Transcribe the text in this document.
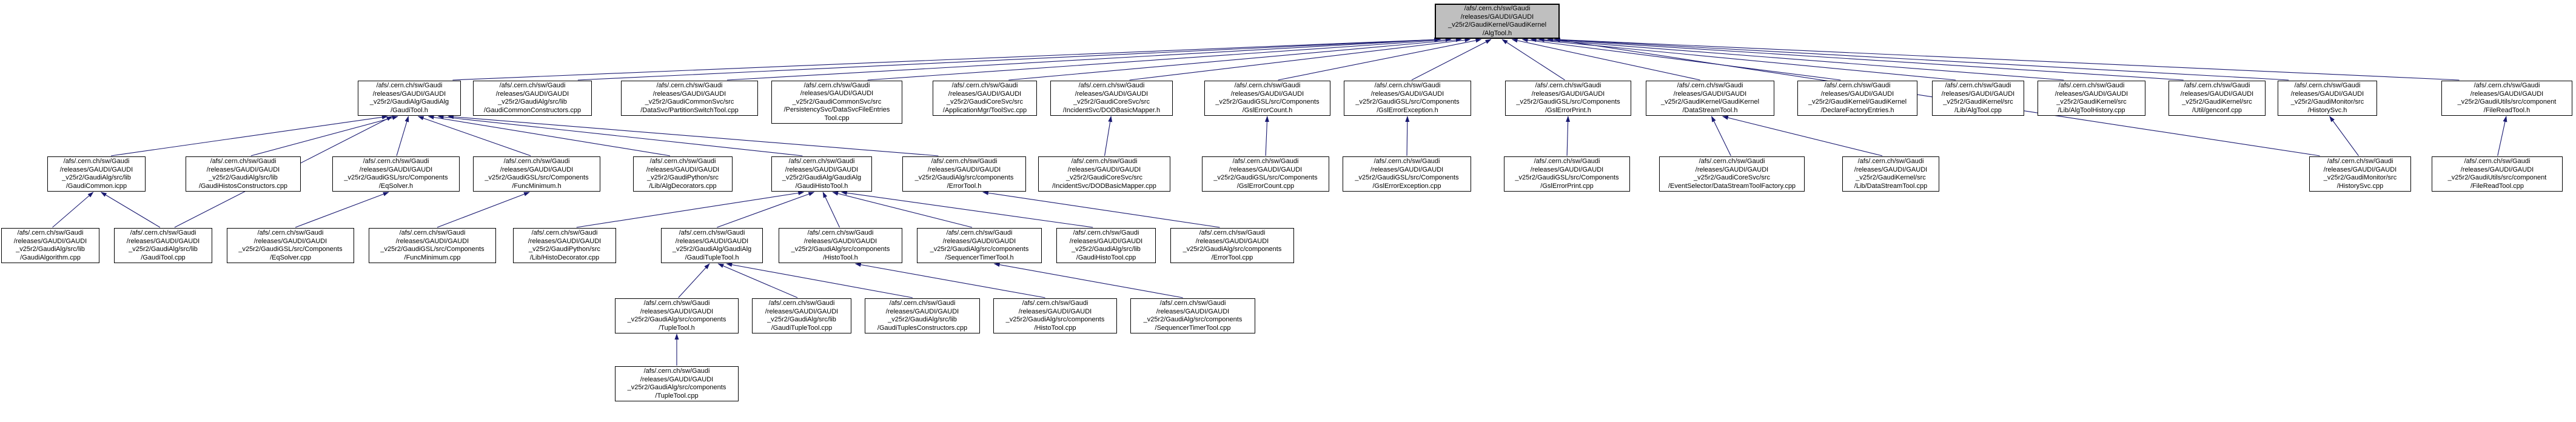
/afs/.cern.ch/sw/Gaudi
/releases/GAUDI/GAUDI
_v25r2/GaudiKernel/GaudiKernel
/AlgTool.h
/afs/.cern.ch/sw/Gaudi
/releases/GAUDI/GAUDI
_v25r2/GaudiAlg/GaudiAlg
/GaudiTool.h
/afs/.cern.ch/sw/Gaudi
/releases/GAUDI/GAUDI
_v25r2/GaudiAlg/src/lib
/GaudiCommonConstructors.cpp
/afs/.cern.ch/sw/Gaudi
/releases/GAUDI/GAUDI
_v25r2/GaudiCommonSvc/src
/DataSvc/PartitionSwitchTool.cpp
/afs/.cern.ch/sw/Gaudi
/releases/GAUDI/GAUDI
_v25r2/GaudiCommonSvc/src
/PersistencySvc/DataSvcFileEntries
Tool.cpp
/afs/.cern.ch/sw/Gaudi
/releases/GAUDI/GAUDI
_v25r2/GaudiCoreSvc/src
/ApplicationMgr/ToolSvc.cpp
/afs/.cern.ch/sw/Gaudi
/releases/GAUDI/GAUDI
_v25r2/GaudiCoreSvc/src
/IncidentSvc/DODBasicMapper.h
/afs/.cern.ch/sw/Gaudi
/releases/GAUDI/GAUDI
_v25r2/GaudiGSL/src/Components
/GslErrorCount.h
/afs/.cern.ch/sw/Gaudi
/releases/GAUDI/GAUDI
_v25r2/GaudiGSL/src/Components
/GslErrorException.h
/afs/.cern.ch/sw/Gaudi
/releases/GAUDI/GAUDI
_v25r2/GaudiGSL/src/Components
/GslErrorPrint.h
/afs/.cern.ch/sw/Gaudi
/releases/GAUDI/GAUDI
_v25r2/GaudiKernel/GaudiKernel
/DataStreamTool.h
/afs/.cern.ch/sw/Gaudi
/releases/GAUDI/GAUDI
_v25r2/GaudiKernel/GaudiKernel
/DeclareFactoryEntries.h
/afs/.cern.ch/sw/Gaudi
/releases/GAUDI/GAUDI
_v25r2/GaudiKernel/src
/Lib/AlgTool.cpp
/afs/.cern.ch/sw/Gaudi
/releases/GAUDI/GAUDI
_v25r2/GaudiKernel/src
/Lib/AlgToolHistory.cpp
/afs/.cern.ch/sw/Gaudi
/releases/GAUDI/GAUDI
_v25r2/GaudiKernel/src
/Util/genconf.cpp
/afs/.cern.ch/sw/Gaudi
/releases/GAUDI/GAUDI
_v25r2/GaudiMonitor/src
/HistorySvc.h
/afs/.cern.ch/sw/Gaudi
/releases/GAUDI/GAUDI
_v25r2/GaudiUtils/src/component
/FileReadTool.h
/afs/.cern.ch/sw/Gaudi
/releases/GAUDI/GAUDI
_v25r2/GaudiAlg/src/lib
/GaudiCommon.icpp
/afs/.cern.ch/sw/Gaudi
/releases/GAUDI/GAUDI
_v25r2/GaudiAlg/src/lib
/GaudiHistosConstructors.cpp
/afs/.cern.ch/sw/Gaudi
/releases/GAUDI/GAUDI
_v25r2/GaudiGSL/src/Components
/EqSolver.h
/afs/.cern.ch/sw/Gaudi
/releases/GAUDI/GAUDI
_v25r2/GaudiGSL/src/Components
/FuncMinimum.h
/afs/.cern.ch/sw/Gaudi
/releases/GAUDI/GAUDI
_v25r2/GaudiPython/src
/Lib/AlgDecorators.cpp
/afs/.cern.ch/sw/Gaudi
/releases/GAUDI/GAUDI
_v25r2/GaudiAlg/GaudiAlg
/GaudiHistoTool.h
/afs/.cern.ch/sw/Gaudi
/releases/GAUDI/GAUDI
_v25r2/GaudiAlg/src/components
/ErrorTool.h
/afs/.cern.ch/sw/Gaudi
/releases/GAUDI/GAUDI
_v25r2/GaudiCoreSvc/src
/IncidentSvc/DODBasicMapper.cpp
/afs/.cern.ch/sw/Gaudi
/releases/GAUDI/GAUDI
_v25r2/GaudiGSL/src/Components
/GslErrorCount.cpp
/afs/.cern.ch/sw/Gaudi
/releases/GAUDI/GAUDI
_v25r2/GaudiGSL/src/Components
/GslErrorException.cpp
/afs/.cern.ch/sw/Gaudi
/releases/GAUDI/GAUDI
_v25r2/GaudiGSL/src/Components
/GslErrorPrint.cpp
/afs/.cern.ch/sw/Gaudi
/releases/GAUDI/GAUDI
_v25r2/GaudiCoreSvc/src
/EventSelector/DataStreamToolFactory.cpp
/afs/.cern.ch/sw/Gaudi
/releases/GAUDI/GAUDI
_v25r2/GaudiKernel/src
/Lib/DataStreamTool.cpp
/afs/.cern.ch/sw/Gaudi
/releases/GAUDI/GAUDI
_v25r2/GaudiMonitor/src
/HistorySvc.cpp
/afs/.cern.ch/sw/Gaudi
/releases/GAUDI/GAUDI
_v25r2/GaudiUtils/src/component
/FileReadTool.cpp
/afs/.cern.ch/sw/Gaudi
/releases/GAUDI/GAUDI
_v25r2/GaudiAlg/src/lib
/GaudiAlgorithm.cpp
/afs/.cern.ch/sw/Gaudi
/releases/GAUDI/GAUDI
_v25r2/GaudiAlg/src/lib
/GaudiTool.cpp
/afs/.cern.ch/sw/Gaudi
/releases/GAUDI/GAUDI
_v25r2/GaudiGSL/src/Components
/EqSolver.cpp
/afs/.cern.ch/sw/Gaudi
/releases/GAUDI/GAUDI
_v25r2/GaudiGSL/src/Components
/FuncMinimum.cpp
/afs/.cern.ch/sw/Gaudi
/releases/GAUDI/GAUDI
_v25r2/GaudiPython/src
/Lib/HistoDecorator.cpp
/afs/.cern.ch/sw/Gaudi
/releases/GAUDI/GAUDI
_v25r2/GaudiAlg/GaudiAlg
/GaudiTupleTool.h
/afs/.cern.ch/sw/Gaudi
/releases/GAUDI/GAUDI
_v25r2/GaudiAlg/src/components
/HistoTool.h
/afs/.cern.ch/sw/Gaudi
/releases/GAUDI/GAUDI
_v25r2/GaudiAlg/src/components
/SequencerTimerTool.h
/afs/.cern.ch/sw/Gaudi
/releases/GAUDI/GAUDI
_v25r2/GaudiAlg/src/lib
/GaudiHistoTool.cpp
/afs/.cern.ch/sw/Gaudi
/releases/GAUDI/GAUDI
_v25r2/GaudiAlg/src/components
/ErrorTool.cpp
/afs/.cern.ch/sw/Gaudi
/releases/GAUDI/GAUDI
_v25r2/GaudiAlg/src/components
/TupleTool.h
/afs/.cern.ch/sw/Gaudi
/releases/GAUDI/GAUDI
_v25r2/GaudiAlg/src/lib
/GaudiTupleTool.cpp
/afs/.cern.ch/sw/Gaudi
/releases/GAUDI/GAUDI
_v25r2/GaudiAlg/src/lib
/GaudiTuplesConstructors.cpp
/afs/.cern.ch/sw/Gaudi
/releases/GAUDI/GAUDI
_v25r2/GaudiAlg/src/components
/HistoTool.cpp
/afs/.cern.ch/sw/Gaudi
/releases/GAUDI/GAUDI
_v25r2/GaudiAlg/src/components
/SequencerTimerTool.cpp
/afs/.cern.ch/sw/Gaudi
/releases/GAUDI/GAUDI
_v25r2/GaudiAlg/src/components
/TupleTool.cpp
